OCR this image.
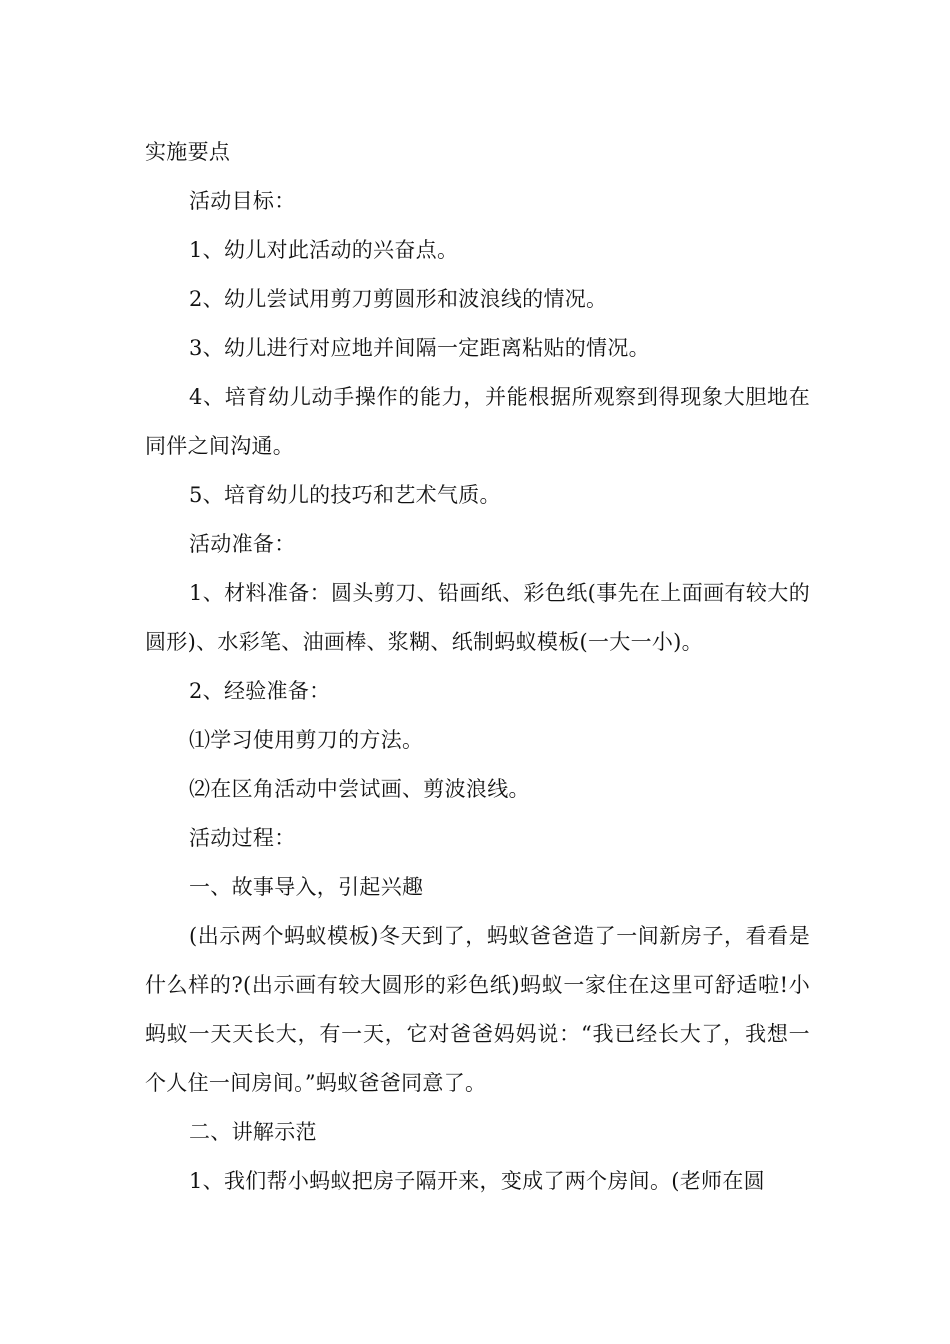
实施要点

活动目标：

1、幼儿对此活动的兴奋点。

2、幼儿尝试用剪刀剪圆形和波浪线的情况。

3、幼儿进行对应地并间隔一定距离粘贴的情况。

4、培育幼儿动手操作的能力，并能根据所观察到得现象大胆地在同伴之间沟通。

5、培育幼儿的技巧和艺术气质。

活动准备：

1、材料准备：圆头剪刀、铅画纸、彩色纸(事先在上面画有较大的圆形)、水彩笔、油画棒、浆糊、纸制蚂蚁模板(一大一小)。

2、经验准备：

⑴学习使用剪刀的方法。

⑵在区角活动中尝试画、剪波浪线。

活动过程：

一、故事导入，引起兴趣

(出示两个蚂蚁模板)冬天到了，蚂蚁爸爸造了一间新房子，看看是什么样的?(出示画有较大圆形的彩色纸)蚂蚁一家住在这里可舒适啦!小蚂蚁一天天长大，有一天，它对爸爸妈妈说：“我已经长大了，我想一个人住一间房间。”蚂蚁爸爸同意了。

二、讲解示范

1、我们帮小蚂蚁把房子隔开来，变成了两个房间。(老师在圆
